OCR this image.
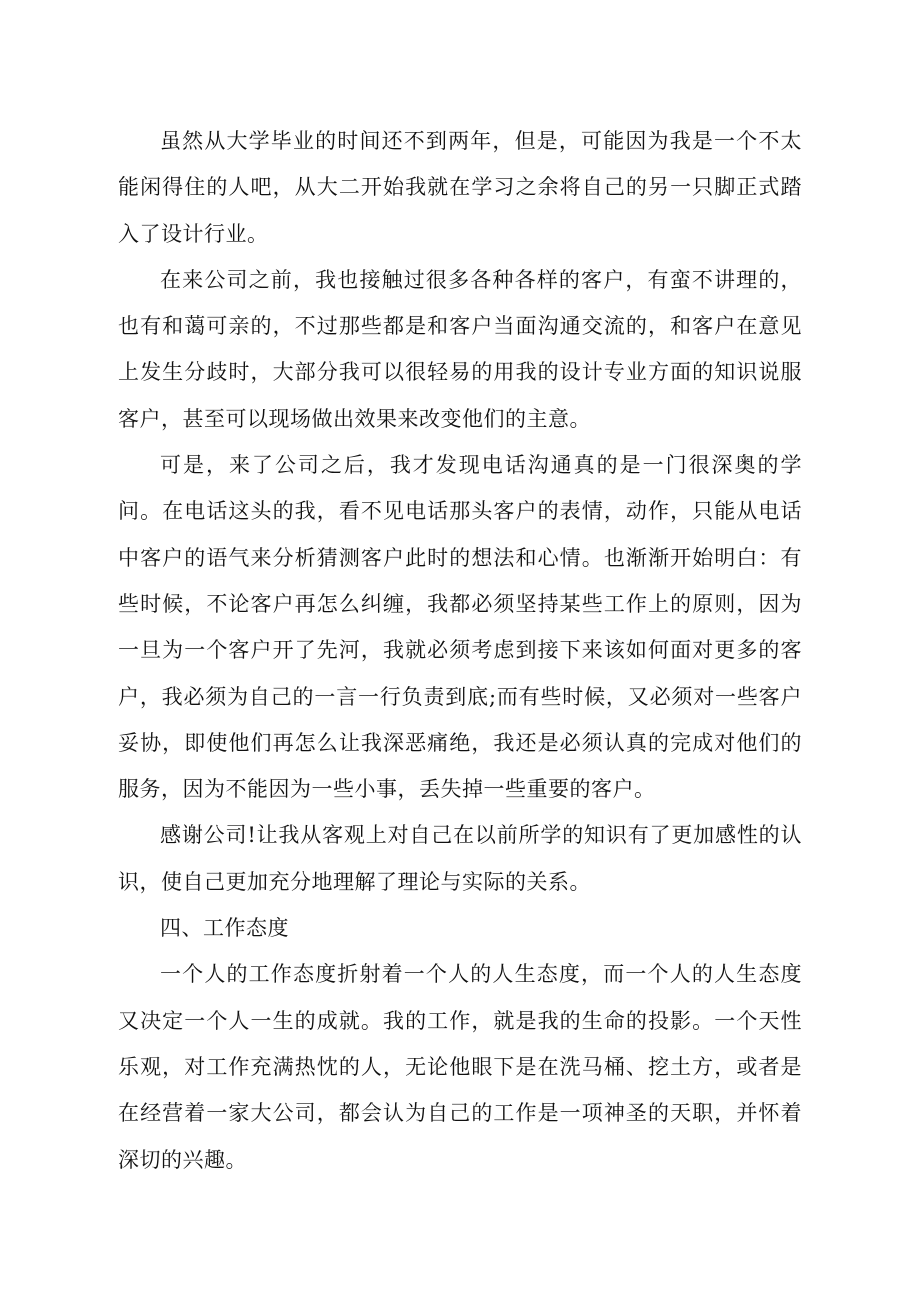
虽然从大学毕业的时间还不到两年，但是，可能因为我是一个不太能闲得住的人吧，从大二开始我就在学习之余将自己的另一只脚正式踏入了设计行业。

在来公司之前，我也接触过很多各种各样的客户，有蛮不讲理的，也有和蔼可亲的，不过那些都是和客户当面沟通交流的，和客户在意见上发生分歧时，大部分我可以很轻易的用我的设计专业方面的知识说服客户，甚至可以现场做出效果来改变他们的主意。

可是，来了公司之后，我才发现电话沟通真的是一门很深奥的学问。在电话这头的我，看不见电话那头客户的表情，动作，只能从电话中客户的语气来分析猜测客户此时的想法和心情。也渐渐开始明白：有些时候，不论客户再怎么纠缠，我都必须坚持某些工作上的原则，因为一旦为一个客户开了先河，我就必须考虑到接下来该如何面对更多的客户，我必须为自己的一言一行负责到底;而有些时候，又必须对一些客户妥协，即使他们再怎么让我深恶痛绝，我还是必须认真的完成对他们的服务，因为不能因为一些小事，丢失掉一些重要的客户。

感谢公司!让我从客观上对自己在以前所学的知识有了更加感性的认识，使自己更加充分地理解了理论与实际的关系。

四、工作态度

一个人的工作态度折射着一个人的人生态度，而一个人的人生态度又决定一个人一生的成就。我的工作，就是我的生命的投影。一个天性乐观，对工作充满热忱的人，无论他眼下是在洗马桶、挖土方，或者是在经营着一家大公司，都会认为自己的工作是一项神圣的天职，并怀着深切的兴趣。
